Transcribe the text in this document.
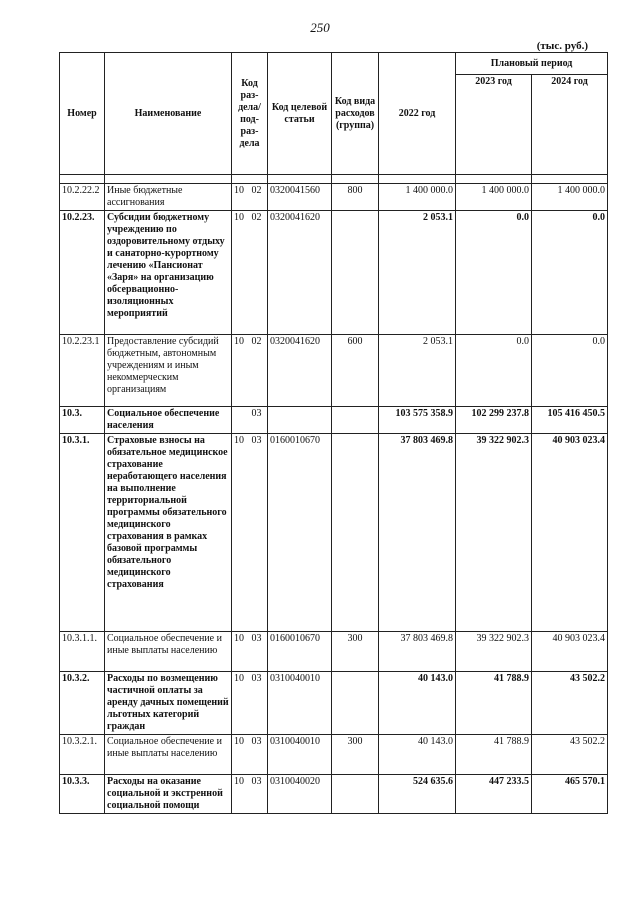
250
(тыс. руб.)
Номер	Наименование	Код раз-дела/ под-раз-дела		Код целевой статьи	Код вида расходов (группа)	2022 год	Плановый период	
							2023 год	2024 год

10.2.22.2	Иные бюджетные ассигнования	10	02	0320041560	800	1 400 000.0	1 400 000.0	1 400 000.0
10.2.23.	Субсидии бюджетному учреждению по оздоровительному отдыху и санаторно-курортному лечению «Пансионат «Заря» на организацию обсервационно-изоляционных мероприятий	10	02	0320041620		2 053.1	0.0	0.0
10.2.23.1	Предоставление субсидий бюджетным, автономным учреждениям и иным некоммерческим организациям	10	02	0320041620	600	2 053.1	0.0	0.0
10.3.	Социальное обеспечение населения		03			103 575 358.9	102 299 237.8	105 416 450.5
10.3.1.	Страховые взносы на обязательное медицинское страхование неработающего населения на выполнение территориальной программы обязательного медицинского страхования в рамках базовой программы обязательного медицинского страхования	10	03	0160010670		37 803 469.8	39 322 902.3	40 903 023.4
10.3.1.1.	Социальное обеспечение и иные выплаты населению	10	03	0160010670	300	37 803 469.8	39 322 902.3	40 903 023.4
10.3.2.	Расходы по возмещению частичной оплаты за аренду дачных помещений льготных категорий граждан	10	03	0310040010		40 143.0	41 788.9	43 502.2
10.3.2.1.	Социальное обеспечение и иные выплаты населению	10	03	0310040010	300	40 143.0	41 788.9	43 502.2
10.3.3.	Расходы на оказание социальной и экстренной социальной помощи	10	03	0310040020		524 635.6	447 233.5	465 570.1
